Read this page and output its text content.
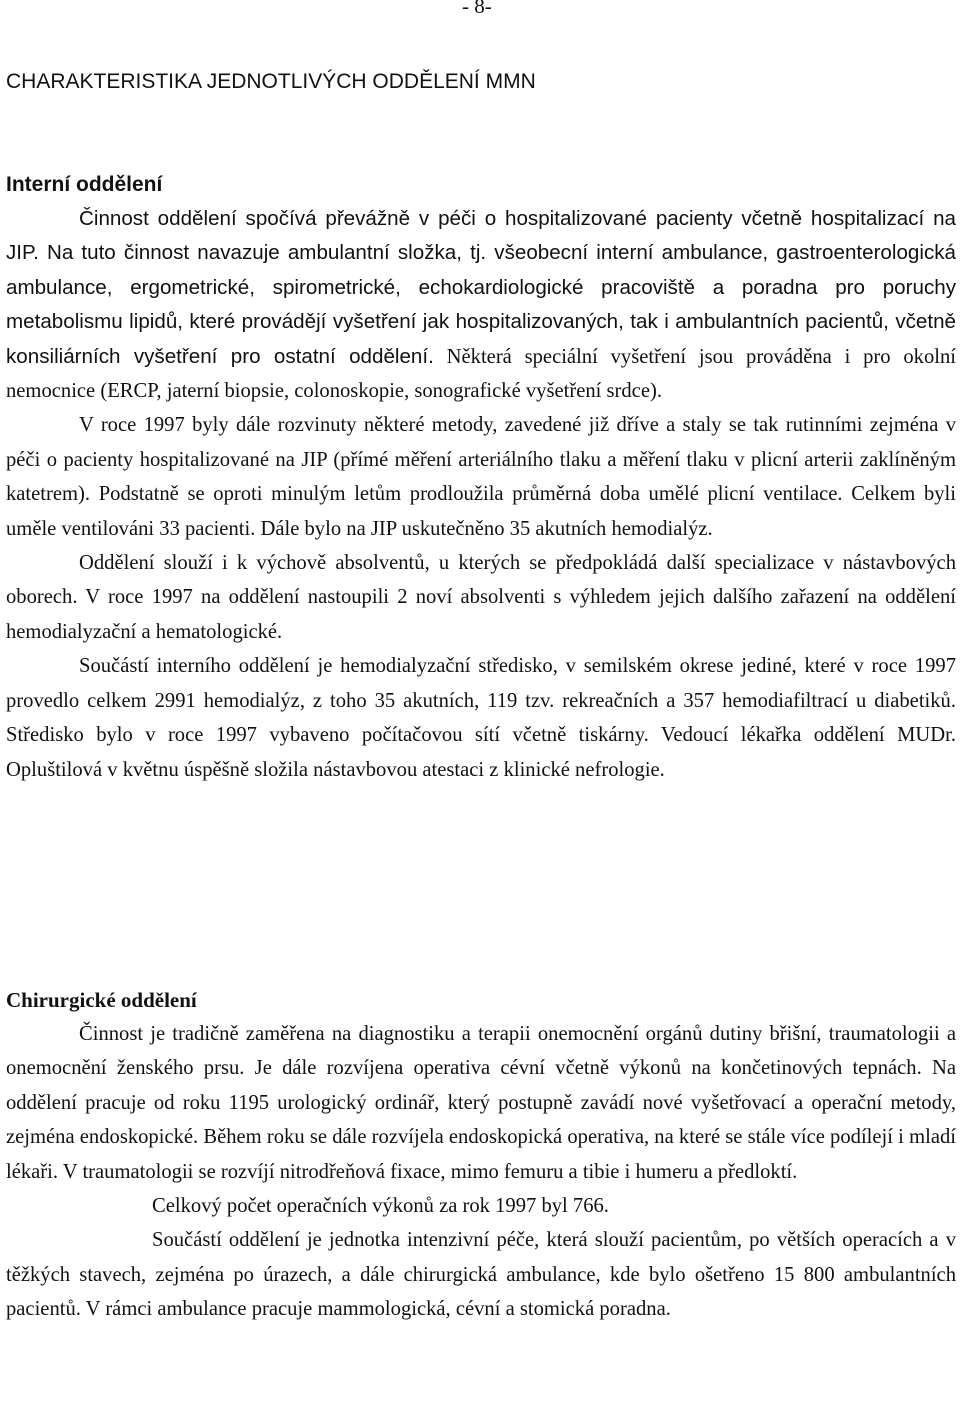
- 8-
CHARAKTERISTIKA JEDNOTLIVÝCH ODDĚLENÍ MMN
Interní oddělení

Činnost oddělení spočívá převážně v péči o hospitalizované pacienty včetně hospitalizací na JIP. Na tuto činnost navazuje ambulantní složka, tj. všeobecní interní ambulance, gastroenterologická ambulance, ergometrické, spirometrické, echokardiologické pracoviště a poradna pro poruchy metabolismu lipidů, které provádějí vyšetření jak hospitalizovaných, tak i ambulantních pacientů, včetně konsiliárních vyšetření pro ostatní oddělení. Některá speciální vyšetření jsou prováděna i pro okolní nemocnice (ERCP, jaterní biopsie, colonoskopie, sonografické vyšetření srdce).

V roce 1997 byly dále rozvinuty některé metody, zavedené již dříve a staly se tak rutinními zejména v péči o pacienty hospitalizované na JIP (přímé měření arteriálního tlaku a měření tlaku v plicní arterii zaklíněným katetrem). Podstatně se oproti minulým letům prodloužila průměrná doba umělé plicní ventilace. Celkem byli uměle ventilováni 33 pacienti. Dále bylo na JIP uskutečněno 35 akutních hemodialýz.

Oddělení slouží i k výchově absolventů, u kterých se předpokládá další specializace v nástavbových oborech. V roce 1997 na oddělení nastoupili 2 noví absolventi s výhledem jejich dalšího zařazení na oddělení hemodialyzační a hematologické.

Součástí interního oddělení je hemodialyzační středisko, v semilském okrese jediné, které v roce 1997 provedlo celkem 2991 hemodialýz, z toho 35 akutních, 119 tzv. rekreačních a 357 hemodiafiltrací u diabetiků. Středisko bylo v roce 1997 vybaveno počítačovou sítí včetně tiskárny. Vedoucí lékařka oddělení MUDr. Opluštilová v květnu úspěšně složila nástavbovou atestaci z klinické nefrologie.

Chirurgické oddělení

Činnost je tradičně zaměřena na diagnostiku a terapii onemocnění orgánů dutiny břišní, traumatologii a onemocnění ženského prsu. Je dále rozvíjena operativa cévní včetně výkonů na končetinových tepnách. Na oddělení pracuje od roku 1195 urologický ordinář, který postupně zavádí nové vyšetřovací a operační metody, zejména endoskopické. Během roku se dále rozvíjela endoskopická operativa, na které se stále více podílejí i mladí lékaři. V traumatologii se rozvíjí nitrodřeňová fixace, mimo femuru a tibie i humeru a předloktí.

Celkový počet operačních výkonů za rok 1997 byl 766.

Součástí oddělení je jednotka intenzivní péče, která slouží pacientům, po větších operacích a v těžkých stavech, zejména po úrazech, a dále chirurgická ambulance, kde bylo ošetřeno 15 800 ambulantních pacientů. V rámci ambulance pracuje mammologická, cévní a stomická poradna.
